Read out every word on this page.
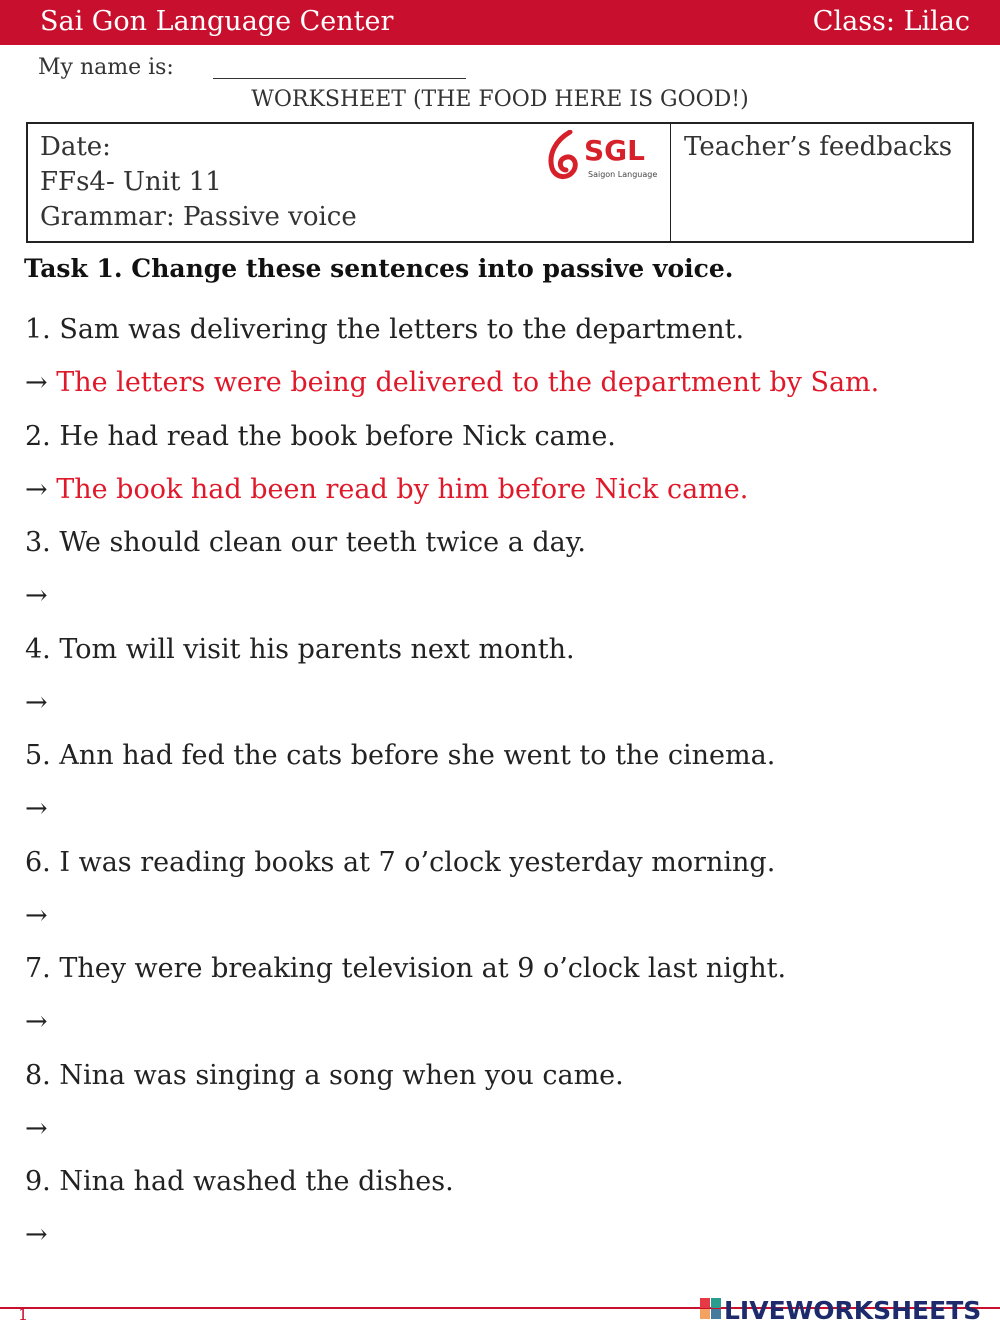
Sai Gon Language Center	Class: Lilac
My name is:
WORKSHEET (THE FOOD HERE IS GOOD!)
Date:
FFs4- Unit 11
Grammar: Passive voice
Teacher’s feedbacks
SGL
Saigon Language
Task 1. Change these sentences into passive voice.
1. Sam was delivering the letters to the department.
→ The letters were being delivered to the department by Sam.
2. He had read the book before Nick came.
→ The book had been read by him before Nick came.
3. We should clean our teeth twice a day.
→
4. Tom will visit his parents next month.
→
5. Ann had fed the cats before she went to the cinema.
→
6. I was reading books at 7 o’clock yesterday morning.
→
7. They were breaking television at 9 o’clock last night.
→
8. Nina was singing a song when you came.
→
9. Nina had washed the dishes.
→
1	LIVEWORKSHEETS
